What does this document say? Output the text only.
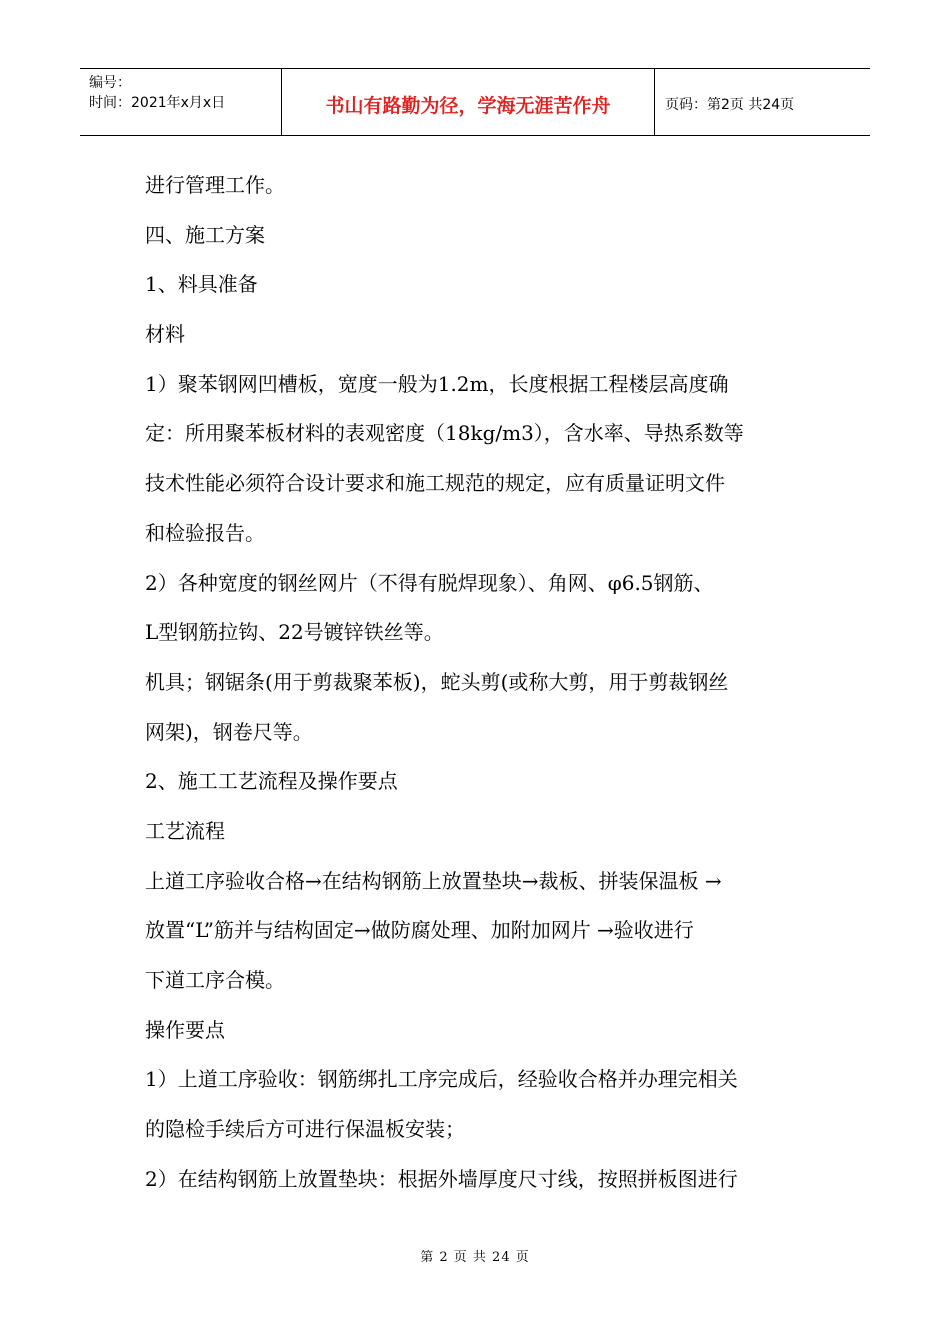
编号：
时间：2021年x月x日	书山有路勤为径，学海无涯苦作舟	页码：第2页 共24页
进行管理工作。
四、施工方案
1、料具准备
材料
1）聚苯钢网凹槽板，宽度一般为1.2m，长度根据工程楼层高度确
定：所用聚苯板材料的表观密度（18kg/m3），含水率、导热系数等
技术性能必须符合设计要求和施工规范的规定，应有质量证明文件
和检验报告。
2）各种宽度的钢丝网片（不得有脱焊现象）、角网、φ6.5钢筋、
L型钢筋拉钩、22号镀锌铁丝等。
机具；钢锯条(用于剪裁聚苯板)，蛇头剪(或称大剪，用于剪裁钢丝
网架)，钢卷尺等。
2、施工工艺流程及操作要点
工艺流程
上道工序验收合格→在结构钢筋上放置垫块→裁板、拼装保温板 →
放置“L”筋并与结构固定→做防腐处理、加附加网片 →验收进行
下道工序合模。
操作要点
1）上道工序验收：钢筋绑扎工序完成后，经验收合格并办理完相关
的隐检手续后方可进行保温板安装；
2）在结构钢筋上放置垫块：根据外墙厚度尺寸线，按照拼板图进行
第 2 页 共 24 页
